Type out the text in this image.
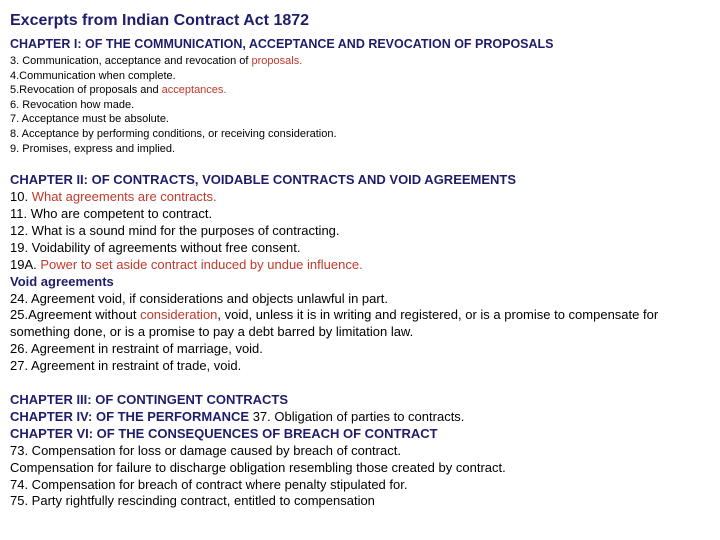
Excerpts from Indian Contract Act 1872
CHAPTER I: OF THE COMMUNICATION, ACCEPTANCE AND REVOCATION OF PROPOSALS
3. Communication, acceptance and revocation of proposals.
4.Communication when complete.
5.Revocation of proposals and acceptances.
6. Revocation how made.
7. Acceptance must be absolute.
8. Acceptance by performing conditions, or receiving consideration.
9. Promises, express and implied.
CHAPTER II: OF CONTRACTS, VOIDABLE CONTRACTS AND VOID AGREEMENTS
10. What agreements are contracts.
11. Who are competent to contract.
12. What is a sound mind for the purposes of contracting.
19. Voidability of agreements without free consent.
19A. Power to set aside contract induced by undue influence.
Void agreements
24. Agreement void, if considerations and objects unlawful in part.
25.Agreement without consideration, void, unless it is in writing and registered, or is a promise to compensate for something done, or is a promise to pay a debt barred by limitation law.
26. Agreement in restraint of marriage, void.
27. Agreement in restraint of trade, void.
CHAPTER III: OF CONTINGENT CONTRACTS
CHAPTER IV: OF THE PERFORMANCE 37. Obligation of parties to contracts.
CHAPTER VI: OF THE CONSEQUENCES OF BREACH OF CONTRACT
73. Compensation for loss or damage caused by breach of contract.
Compensation for failure to discharge obligation resembling those created by contract.
74. Compensation for breach of contract where penalty stipulated for.
75. Party rightfully rescinding contract, entitled to compensation
